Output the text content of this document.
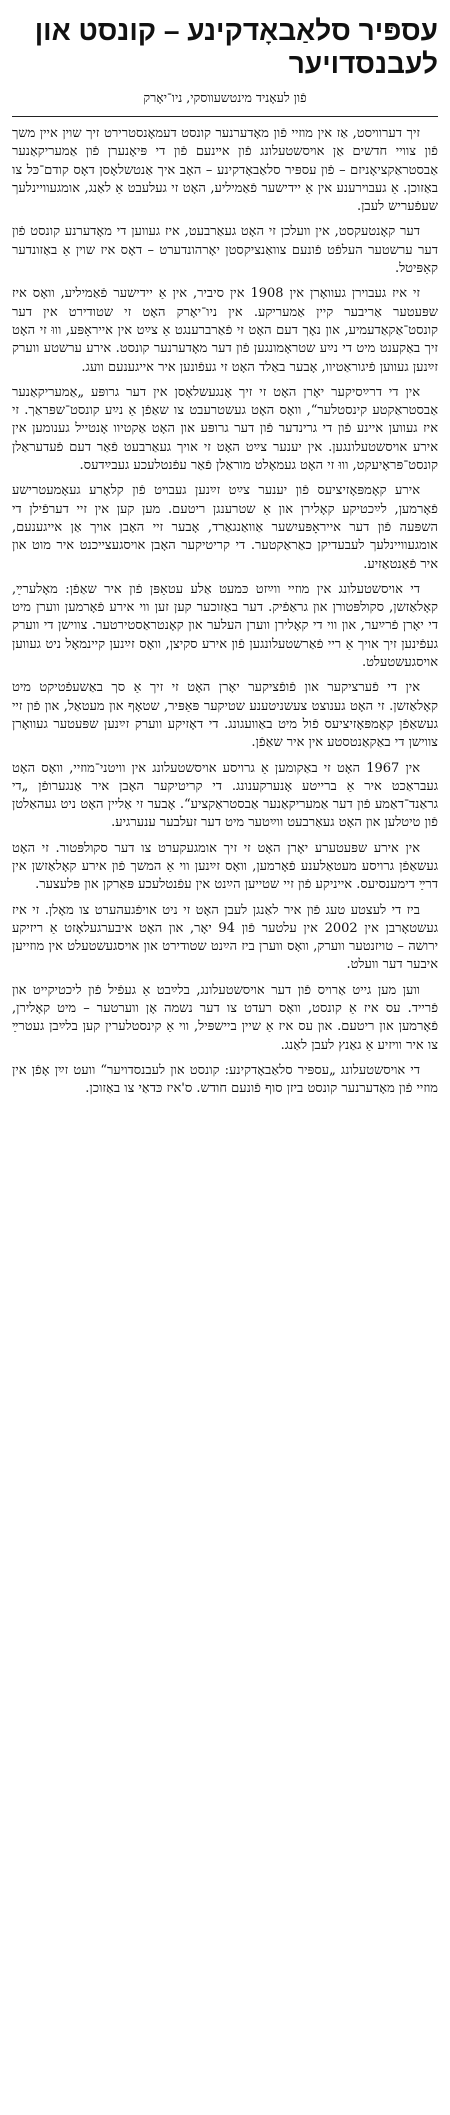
עספּיר סלאַבאָדקינע – קונסט און לעבנסדויער
פֿון לעאָניד מינטשעווסקי, ניו־יאָרק

זיך דערוויסט, אַז אין מוזיי פֿון מאָדערנער קונסט דעמאָנסטרירט זיך שוין איין משך פֿון צוויי חדשים אַן אויסשטעלונג פֿון אײנעם פֿון די פּיאָנערן פֿון אַמעריקאַנער אַבסטראַקציאָניזם – פֿון עספּיר סלאַבאָדקינע – האָב איך אַנטשלאָסן דאָס קודם־כּל צו באַזוכן. אַ געבוירענע אין אַ יידישער פֿאַמיליע, האָט זי געלעבט אַ לאַנג, אומגעוויינלעך שעפֿעריש לעבן.

דער קאָנטעקסט, אין וועלכן זי האָט געאַרבעט, איז געווען די מאָדערנע קונסט פֿון דער ערשטער העלפֿט פֿונעם צוואַנציקסטן יאָרהונדערט – דאָס איז שוין אַ באַזונדער קאַפּיטל.

זי איז געבוירן געוואָרן אין 1908 אין סיביר, אין אַ יידישער פֿאַמיליע, וואָס איז שפּעטער אַריבער קיין אַמעריקע. אין ניו־יאָרק האָט זי שטודירט אין דער קונסט־אַקאַדעמיע, און נאָך דעם האָט זי פֿאַרברענגט אַ צײַט אין אייראָפּע, וווּ זי האָט זיך באַקענט מיט די נײַע שטראָמונגען פֿון דער מאָדערנער קונסט. אירע ערשטע ווערק זײַנען געווען פֿיגוראַטיוו, אָבער באַלד האָט זי געפֿונען איר אייגענעם וועג.

אין די דרײַסיקער יאָרן האָט זי זיך אָנגעשלאָסן אין דער גרופּע „אַמעריקאַנער אַבסטראַקטע קינסטלער“, וואָס האָט געשטרעבט צו שאַפֿן אַ נײַע קונסט־שפּראַך. זי איז געווען איינע פֿון די גרינדער פֿון דער גרופּע און האָט אַקטיוו אָנטייל גענומען אין אירע אויסשטעלונגען. אין יענער צײַט האָט זי אויך געאַרבעט פֿאַר דעם פֿעדעראַלן קונסט־פּראָיעקט, וווּ זי האָט געמאָלט מוראַלן פֿאַר עפֿנטלעכע געבײַדעס.

אירע קאָמפּאָזיציעס פֿון יענער צײַט זײַנען געבויט פֿון קלאָרע געאָמעטרישע פֿאָרמען, לײַכטיקע קאָלירן און אַ שטרענגן ריטעם. מען קען אין זיי דערפֿילן די השפּעה פֿון דער אייראָפּעיִשער אַוואַנגאַרד, אָבער זיי האָבן אויך אַן אייגענעם, אומגעוויינלעך לעבעדיקן כאַראַקטער. די קריטיקער האָבן אויסגעצייכנט איר מוט און איר פֿאַנטאַזיע.

די אויסשטעלונג אין מוזיי ווײַזט כּמעט אַלע עטאַפּן פֿון איר שאַפֿן: מאָלערײַ, קאָלאַזשן, סקולפּטורן און גראַפֿיק. דער באַזוכער קען זען ווי אירע פֿאָרמען ווערן מיט די יאָרן פֿרײַער, און ווי די קאָלירן ווערן העלער און קאָנטראַסטירטער. צווישן די ווערק געפֿינען זיך אויך אַ ריי פֿאַרשטעלונגען פֿון אירע סקיצן, וואָס זײַנען קיינמאָל ניט געווען אויסגעשטעלט.

אין די פֿערציקער און פֿופֿציקער יאָרן האָט זי זיך אַ סך באַשעפֿטיקט מיט קאָלאַזשן. זי האָט גענוצט צעשניטענע שטיקער פּאַפּיר, שטאָף און מעטאַל, און פֿון זיי געשאַפֿן קאָמפּאָזיציעס פֿול מיט באַוועגונג. די דאָזיקע ווערק זײַנען שפּעטער געוואָרן צווישן די באַקאַנטסטע אין איר שאַפֿן.

אין 1967 האָט זי באַקומען אַ גרויסע אויסשטעלונג אין וויטני־מוזיי, וואָס האָט געבראַכט איר אַ ברייטע אָנערקענונג. די קריטיקער האָבן איר אַנגערופֿן „די גראַנד־דאַמע פֿון דער אַמעריקאַנער אַבסטראַקציע“. אָבער זי אַליין האָט ניט געהאַלטן פֿון טיטלען און האָט געאַרבעט ווײַטער מיט דער זעלבער ענערגיע.

אין אירע שפּעטערע יאָרן האָט זי זיך אומגעקערט צו דער סקולפּטור. זי האָט געשאַפֿן גרויסע מעטאַלענע פֿאָרמען, וואָס זײַנען ווי אַ המשך פֿון אירע קאָלאַזשן אין דרײַ דימענסיעס. אייניקע פֿון זיי שטייען הײַנט אין עפֿנטלעכע פּאַרקן און פּלעצער.

ביז די לעצטע טעג פֿון איר לאַנגן לעבן האָט זי ניט אויפֿגעהערט צו מאָלן. זי איז געשטאָרבן אין 2002 אין עלטער פֿון 94 יאָר, און האָט איבערגעלאָזט אַ ריזיקע ירושה – טויזנטער ווערק, וואָס ווערן ביז הײַנט שטודירט און אויסגעשטעלט אין מוזייען איבער דער וועלט.

ווען מען גייט אַרויס פֿון דער אויסשטעלונג, בלײַבט אַ געפֿיל פֿון ליכטיקייט און פֿרייד. עס איז אַ קונסט, וואָס רעדט צו דער נשמה אָן ווערטער – מיט קאָלירן, פֿאָרמען און ריטעם. און עס איז אַ שיין ביישפּיל, ווי אַ קינסטלערין קען בלײַבן געטרײַ צו איר וויזיע אַ גאַנץ לעבן לאַנג.

די אויסשטעלונג „עספּיר סלאַבאָדקינע: קונסט און לעבנסדויער“ וועט זײַן אָפֿן אין מוזיי פֿון מאָדערנער קונסט ביזן סוף פֿונעם חודש. ס'איז כּדאַי צו באַזוכן.
